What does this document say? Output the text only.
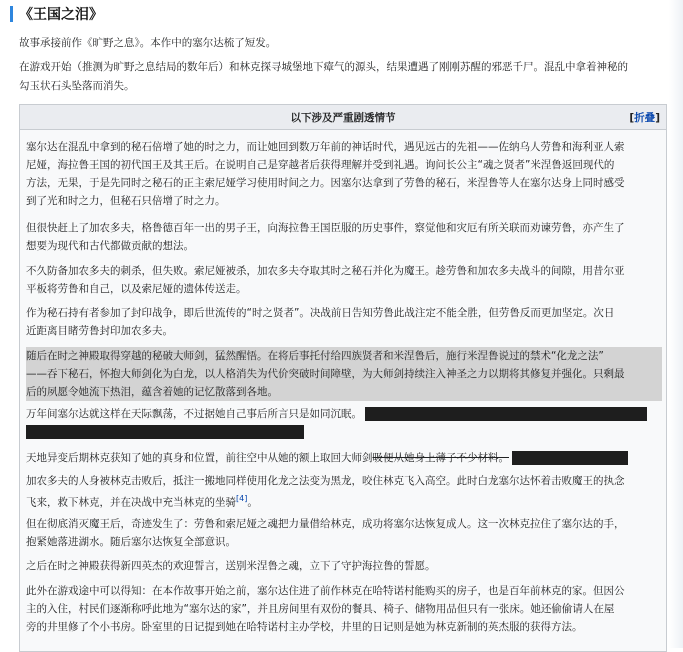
《王国之泪》
故事承接前作《旷野之息》。本作中的塞尔达梳了短发。
在游戏开始（推测为旷野之息结局的数年后）和林克探寻城堡地下瘴气的源头，结果遭遇了刚刚苏醒的邪恶千尸。混乱中拿着神秘的
勾玉状石头坠落而消失。
以下涉及严重剧透情节	[折叠]
塞尔达在混乱中拿到的秘石倍增了她的时之力，而让她回到数万年前的神话时代，遇见远古的先祖——佐纳乌人劳鲁和海利亚人索
尼娅，海拉鲁王国的初代国王及其王后。在说明自己是穿越者后获得理解并受到礼遇。询问长公主“魂之贤者”米涅鲁返回现代的
方法，无果，于是先同时之秘石的正主索尼娅学习使用时间之力。因塞尔达拿到了劳鲁的秘石，米涅鲁等人在塞尔达身上同时感受
到了光和时之力，但秘石只倍增了时之力。
但很快赶上了加农多夫，格鲁德百年一出的男子王，向海拉鲁王国臣服的历史事件，察觉他和灾厄有所关联而劝谏劳鲁，亦产生了
想要为现代和古代都做贡献的想法。
不久防备加农多夫的刺杀，但失败。索尼娅被杀，加农多夫夺取其时之秘石并化为魔王。趁劳鲁和加农多夫战斗的间隙，用昔尔亚
平板将劳鲁和自己，以及索尼娅的遗体传送走。
作为秘石持有者参加了封印战争，即后世流传的“时之贤者”。决战前日告知劳鲁此战注定不能全胜，但劳鲁反而更加坚定。次日
近距离目睹劳鲁封印加农多夫。
随后在时之神殿取得穿越的秘破大师剑，猛然醒悟。在将后事托付给四族贤者和米涅鲁后，施行米涅鲁说过的禁术“化龙之法”
——吞下秘石，怀抱大师剑化为白龙，以人格消失为代价突破时间障壁，为大师剑持续注入神圣之力以期将其修复并强化。只剩最
后的夙愿令她流下热泪，蕴含着她的记忆散落到各地。
万年间塞尔达就这样在天际飘荡，不过据她自己事后所言只是如同沉眠。

天地异变后期林克获知了她的真身和位置，前往空中从她的额上取回大师剑吸便从她身上薄子不少材料。
加农多夫的人身被林克击败后，抵注一搬地同样使用化龙之法变为黑龙，咬住林克飞入高空。此时白龙塞尔达怀着击败魔王的执念
飞来，救下林克，并在决战中充当林克的坐骑[4]。
但在彻底消灭魔王后，奇迹发生了：劳鲁和索尼娅之魂把力量借给林克，成功将塞尔达恢复成人。这一次林克拉住了塞尔达的手，
抱紧她落进湖水。随后塞尔达恢复全部意识。
之后在时之神殿获得新四英杰的欢迎誓言，送别米涅鲁之魂，立下了守护海拉鲁的誓愿。
此外在游戏途中可以得知：在本作故事开始之前，塞尔达住进了前作林克在哈特诺村能购买的房子，也是百年前林克的家。但因公
主的入住，村民们逐渐称呼此地为“塞尔达的家”，并且房间里有双份的餐具、椅子、储物用品但只有一张床。她还偷偷请人在屋
旁的井里修了个小书房。卧室里的日记提到她在哈特诺村主办学校，井里的日记则是她为林克新制的英杰服的获得方法。
